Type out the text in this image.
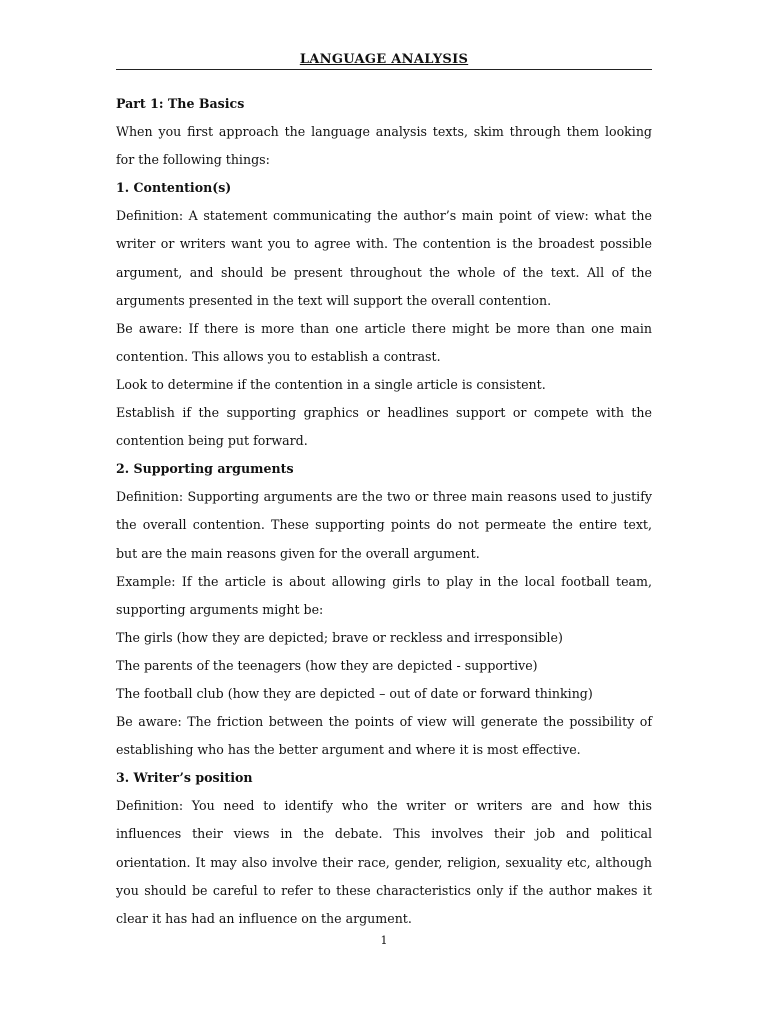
LANGUAGE ANALYSIS
Part 1: The Basics

When you first approach the language analysis texts, skim through them looking for the following things:

1. Contention(s)

Definition: A statement communicating the author’s main point of view: what the writer or writers want you to agree with. The contention is the broadest possible argument, and should be present throughout the whole of the text. All of the arguments presented in the text will support the overall contention.

Be aware: If there is more than one article there might be more than one main contention. This allows you to establish a contrast.

Look to determine if the contention in a single article is consistent.

Establish if the supporting graphics or headlines support or compete with the contention being put forward.

2. Supporting arguments

Definition: Supporting arguments are the two or three main reasons used to justify the overall contention. These supporting points do not permeate the entire text, but are the main reasons given for the overall argument.

Example: If the article is about allowing girls to play in the local football team, supporting arguments might be:

The girls (how they are depicted; brave or reckless and irresponsible)

The parents of the teenagers (how they are depicted - supportive)

The football club (how they are depicted – out of date or forward thinking)

Be aware: The friction between the points of view will generate the possibility of establishing who has the better argument and where it is most effective.

3. Writer’s position

Definition: You need to identify who the writer or writers are and how this influences their views in the debate. This involves their job and political orientation. It may also involve their race, gender, religion, sexuality etc, although you should be careful to refer to these characteristics only if the author makes it clear it has had an influence on the argument.

1
